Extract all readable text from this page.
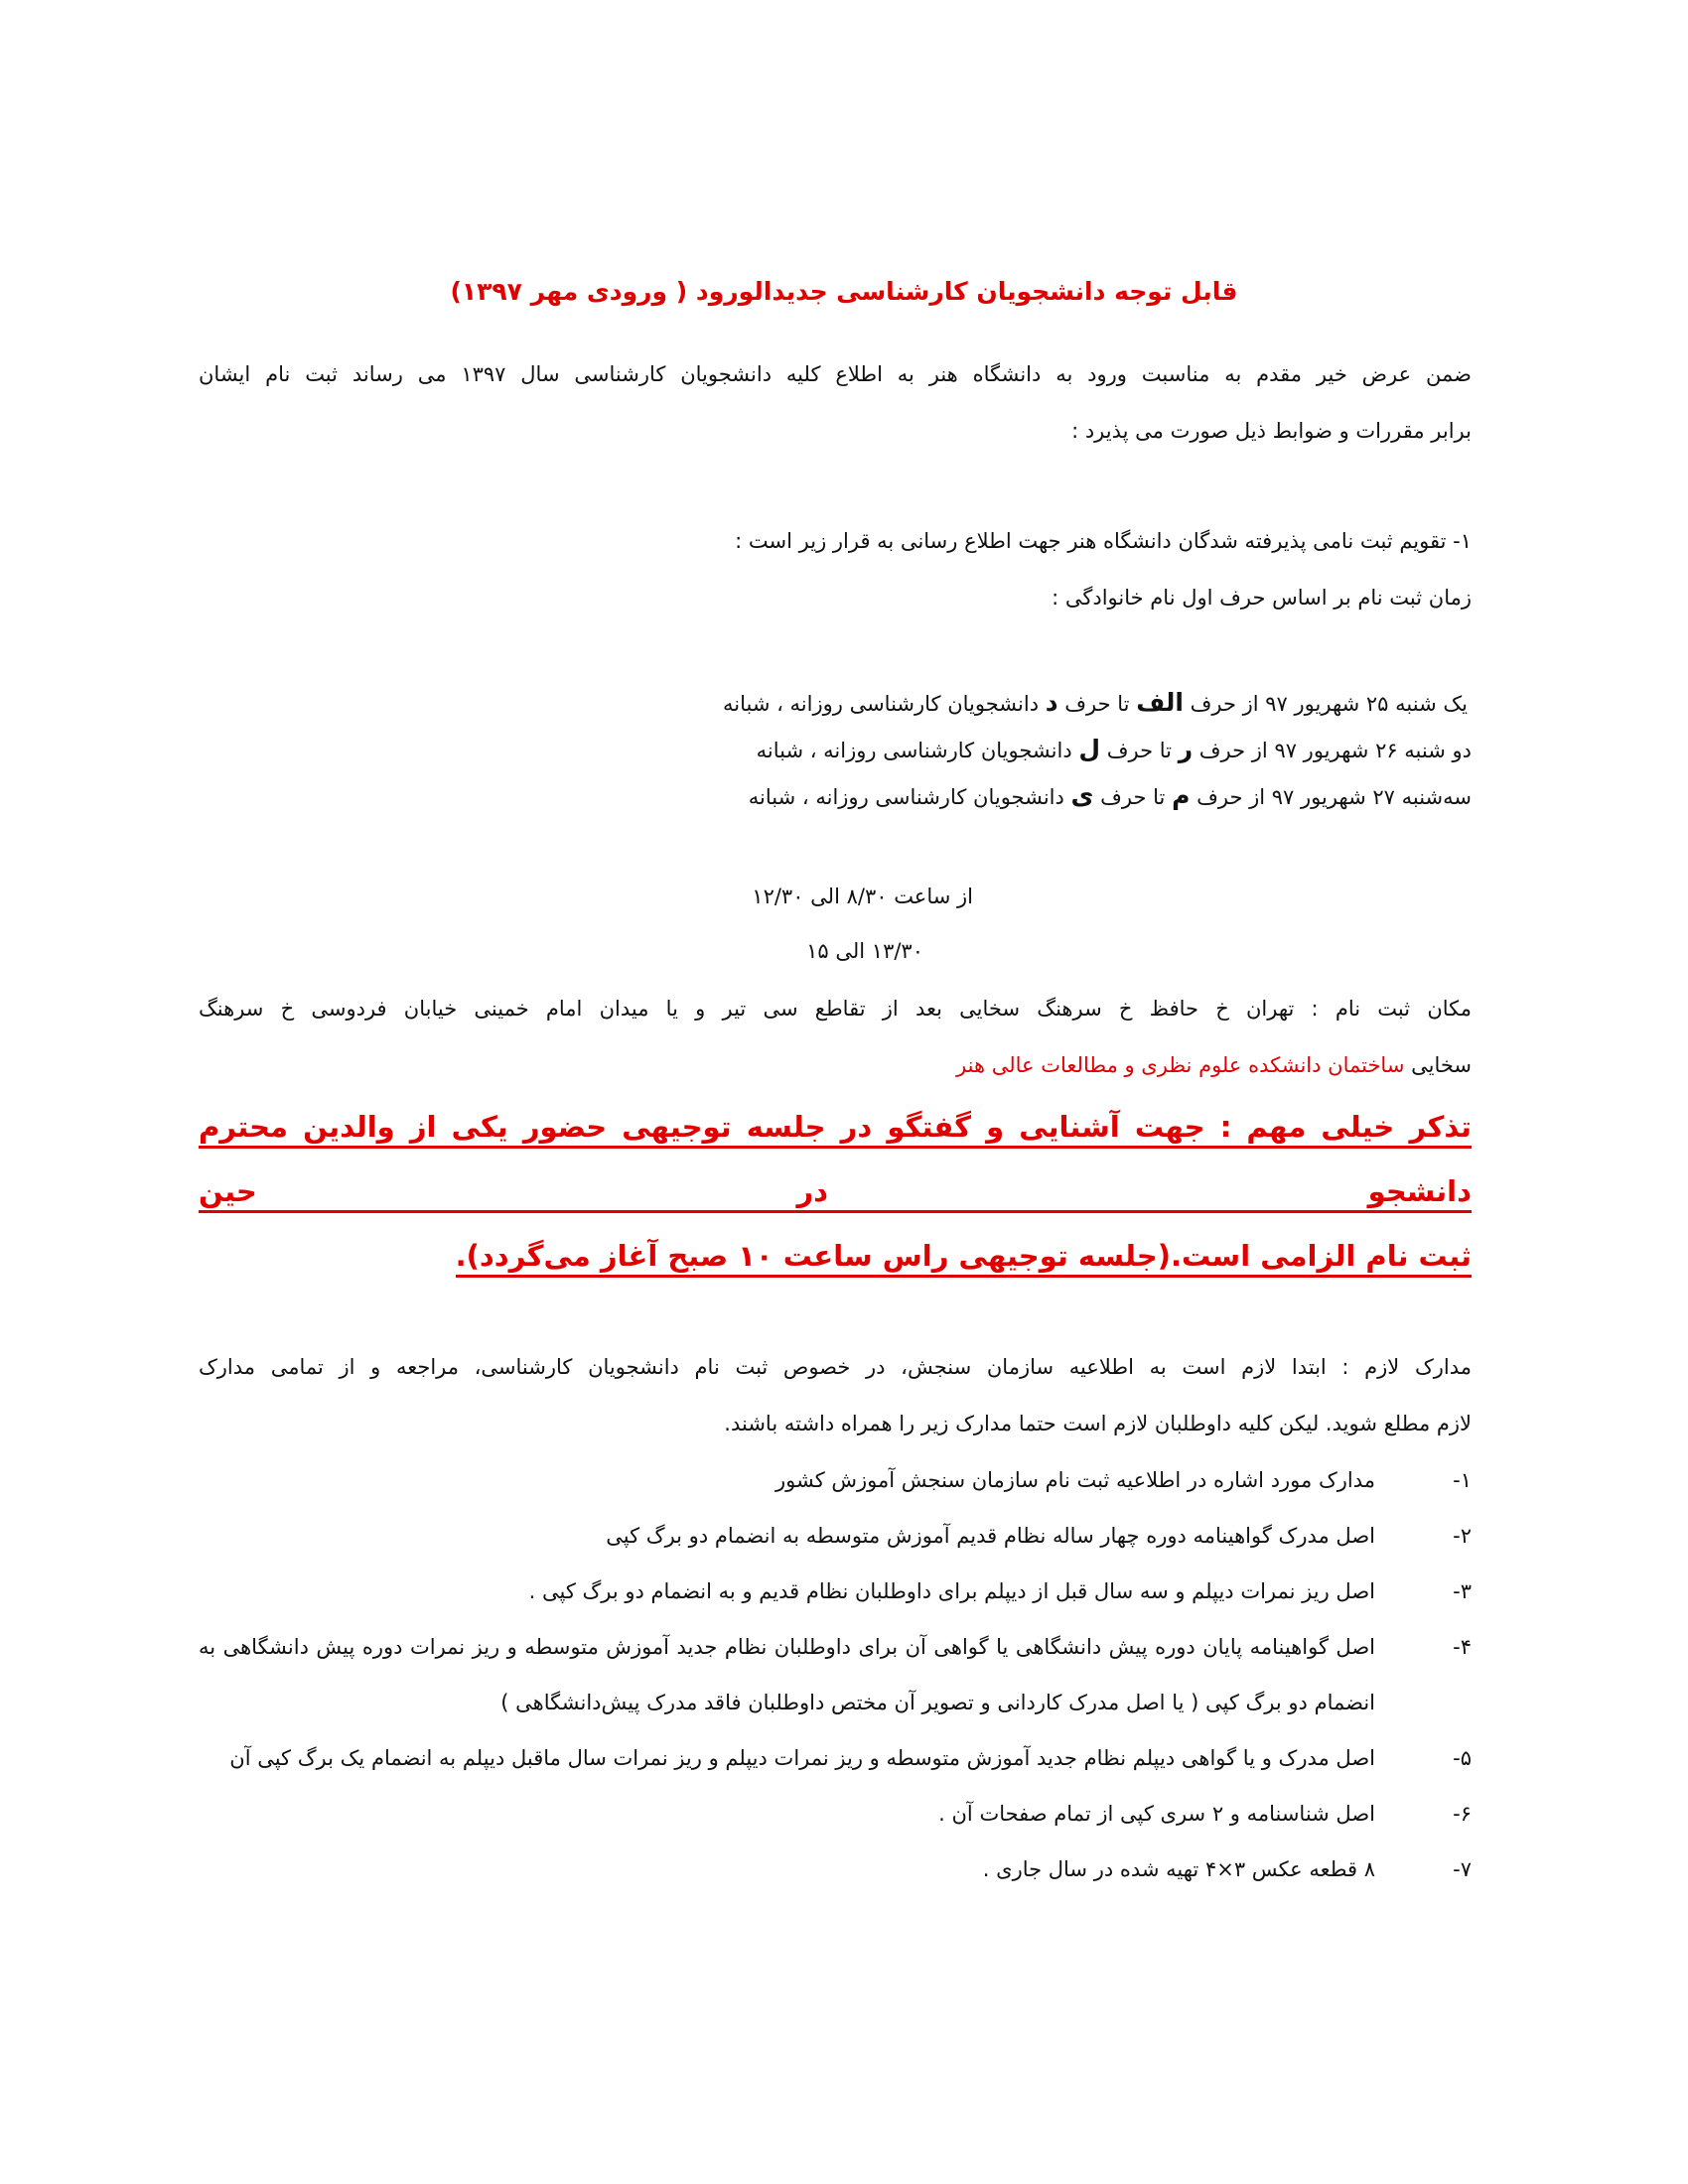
قابل توجه دانشجویان کارشناسی جدیدالورود ( ورودی مهر ۱۳۹۷)
ضمن عرض خیر مقدم به مناسبت ورود به دانشگاه هنر به اطلاع کلیه دانشجویان کارشناسی سال ۱۳۹۷ می رساند ثبت نام ایشان
برابر مقررات و ضوابط ذیل صورت می پذیرد :
۱- تقویم ثبت نامی پذیرفته شدگان دانشگاه هنر جهت اطلاع رسانی به قرار زیر است :
زمان ثبت نام بر اساس حرف اول نام خانوادگی :
یک شنبه ۲۵ شهریور ۹۷ از حرف الف تا حرف د دانشجویان کارشناسی روزانه ، شبانه
دو شنبه ۲۶ شهریور ۹۷ از حرف ر تا حرف ل دانشجویان کارشناسی روزانه ، شبانه
سه‌شنبه ۲۷ شهریور ۹۷ از حرف م تا حرف ی دانشجویان کارشناسی روزانه ، شبانه
از ساعت ۸/۳۰ الی ۱۲/۳۰
۱۳/۳۰ الی ۱۵
مکان ثبت نام : تهران خ حافظ خ سرهنگ سخایی بعد از تقاطع سی تیر و یا میدان امام خمینی خیابان فردوسی خ سرهنگ
سخایی ساختمان دانشکده علوم نظری و مطالعات عالی هنر
تذکر خیلی مهم : جهت آشنایی و گفتگو در جلسه توجیهی حضور یکی از والدین محترم دانشجو در حین
ثبت نام الزامی است.(جلسه توجیهی راس ساعت ۱۰ صبح آغاز می‌گردد).
مدارک لازم : ابتدا لازم است به اطلاعیه سازمان سنجش، در خصوص ثبت نام دانشجویان کارشناسی، مراجعه و از تمامی مدارک
لازم مطلع شوید. لیکن کلیه داوطلبان لازم است حتما مدارک زیر را همراه داشته باشند.
۱-
مدارک مورد اشاره در اطلاعیه ثبت نام سازمان سنجش آموزش کشور
۲-
اصل مدرک گواهینامه دوره چهار ساله نظام قدیم آموزش متوسطه به انضمام دو برگ کپی
۳-
اصل ریز نمرات دیپلم و سه سال قبل از دیپلم برای داوطلبان نظام قدیم و به انضمام دو برگ کپی .
۴-
اصل گواهینامه پایان دوره پیش دانشگاهی یا گواهی آن برای داوطلبان نظام جدید آموزش متوسطه و ریز نمرات دوره پیش دانشگاهی به انضمام دو برگ کپی ( یا اصل مدرک کاردانی و تصویر آن مختص داوطلبان فاقد مدرک پیش‌دانشگاهی )
۵-
اصل مدرک و یا گواهی دیپلم نظام جدید آموزش متوسطه و ریز نمرات دیپلم و ریز نمرات سال ماقبل دیپلم به انضمام یک برگ کپی آن
۶-
اصل شناسنامه و ۲ سری کپی از تمام صفحات آن .
۷-
۸ قطعه عکس ۳×۴ تهیه شده در سال جاری .
